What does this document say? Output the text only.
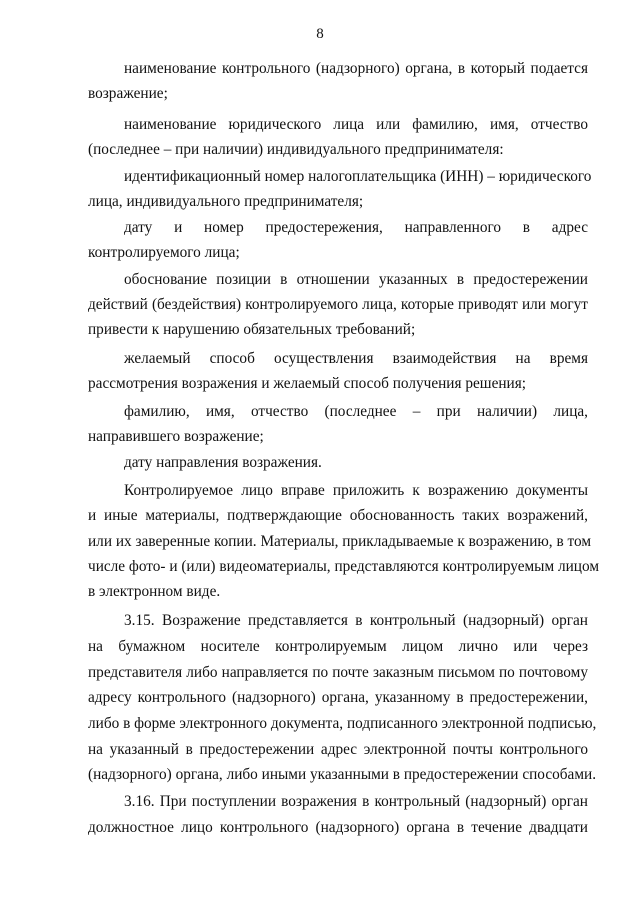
8
наименование контрольного (надзорного) органа, в который подается
возражение;
наименование юридического лица или фамилию, имя, отчество
(последнее – при наличии) индивидуального предпринимателя:
идентификационный номер налогоплательщика (ИНН) – юридического
лица, индивидуального предпринимателя;
дату и номер предостережения, направленного в адрес
контролируемого лица;
обоснование позиции в отношении указанных в предостережении
действий (бездействия) контролируемого лица, которые приводят или могут
привести к нарушению обязательных требований;
желаемый способ осуществления взаимодействия на время
рассмотрения возражения и желаемый способ получения решения;
фамилию, имя, отчество (последнее – при наличии) лица,
направившего возражение;
дату направления возражения.
Контролируемое лицо вправе приложить к возражению документы
и иные материалы, подтверждающие обоснованность таких возражений,
или их заверенные копии. Материалы, прикладываемые к возражению, в том
числе фото- и (или) видеоматериалы, представляются контролируемым лицом
в электронном виде.
3.15. Возражение представляется в контрольный (надзорный) орган
на бумажном носителе контролируемым лицом лично или через
представителя либо направляется по почте заказным письмом по почтовому
адресу контрольного (надзорного) органа, указанному в предостережении,
либо в форме электронного документа, подписанного электронной подписью,
на указанный в предостережении адрес электронной почты контрольного
(надзорного) органа, либо иными указанными в предостережении способами.
3.16. При поступлении возражения в контрольный (надзорный) орган
должностное лицо контрольного (надзорного) органа в течение двадцати
